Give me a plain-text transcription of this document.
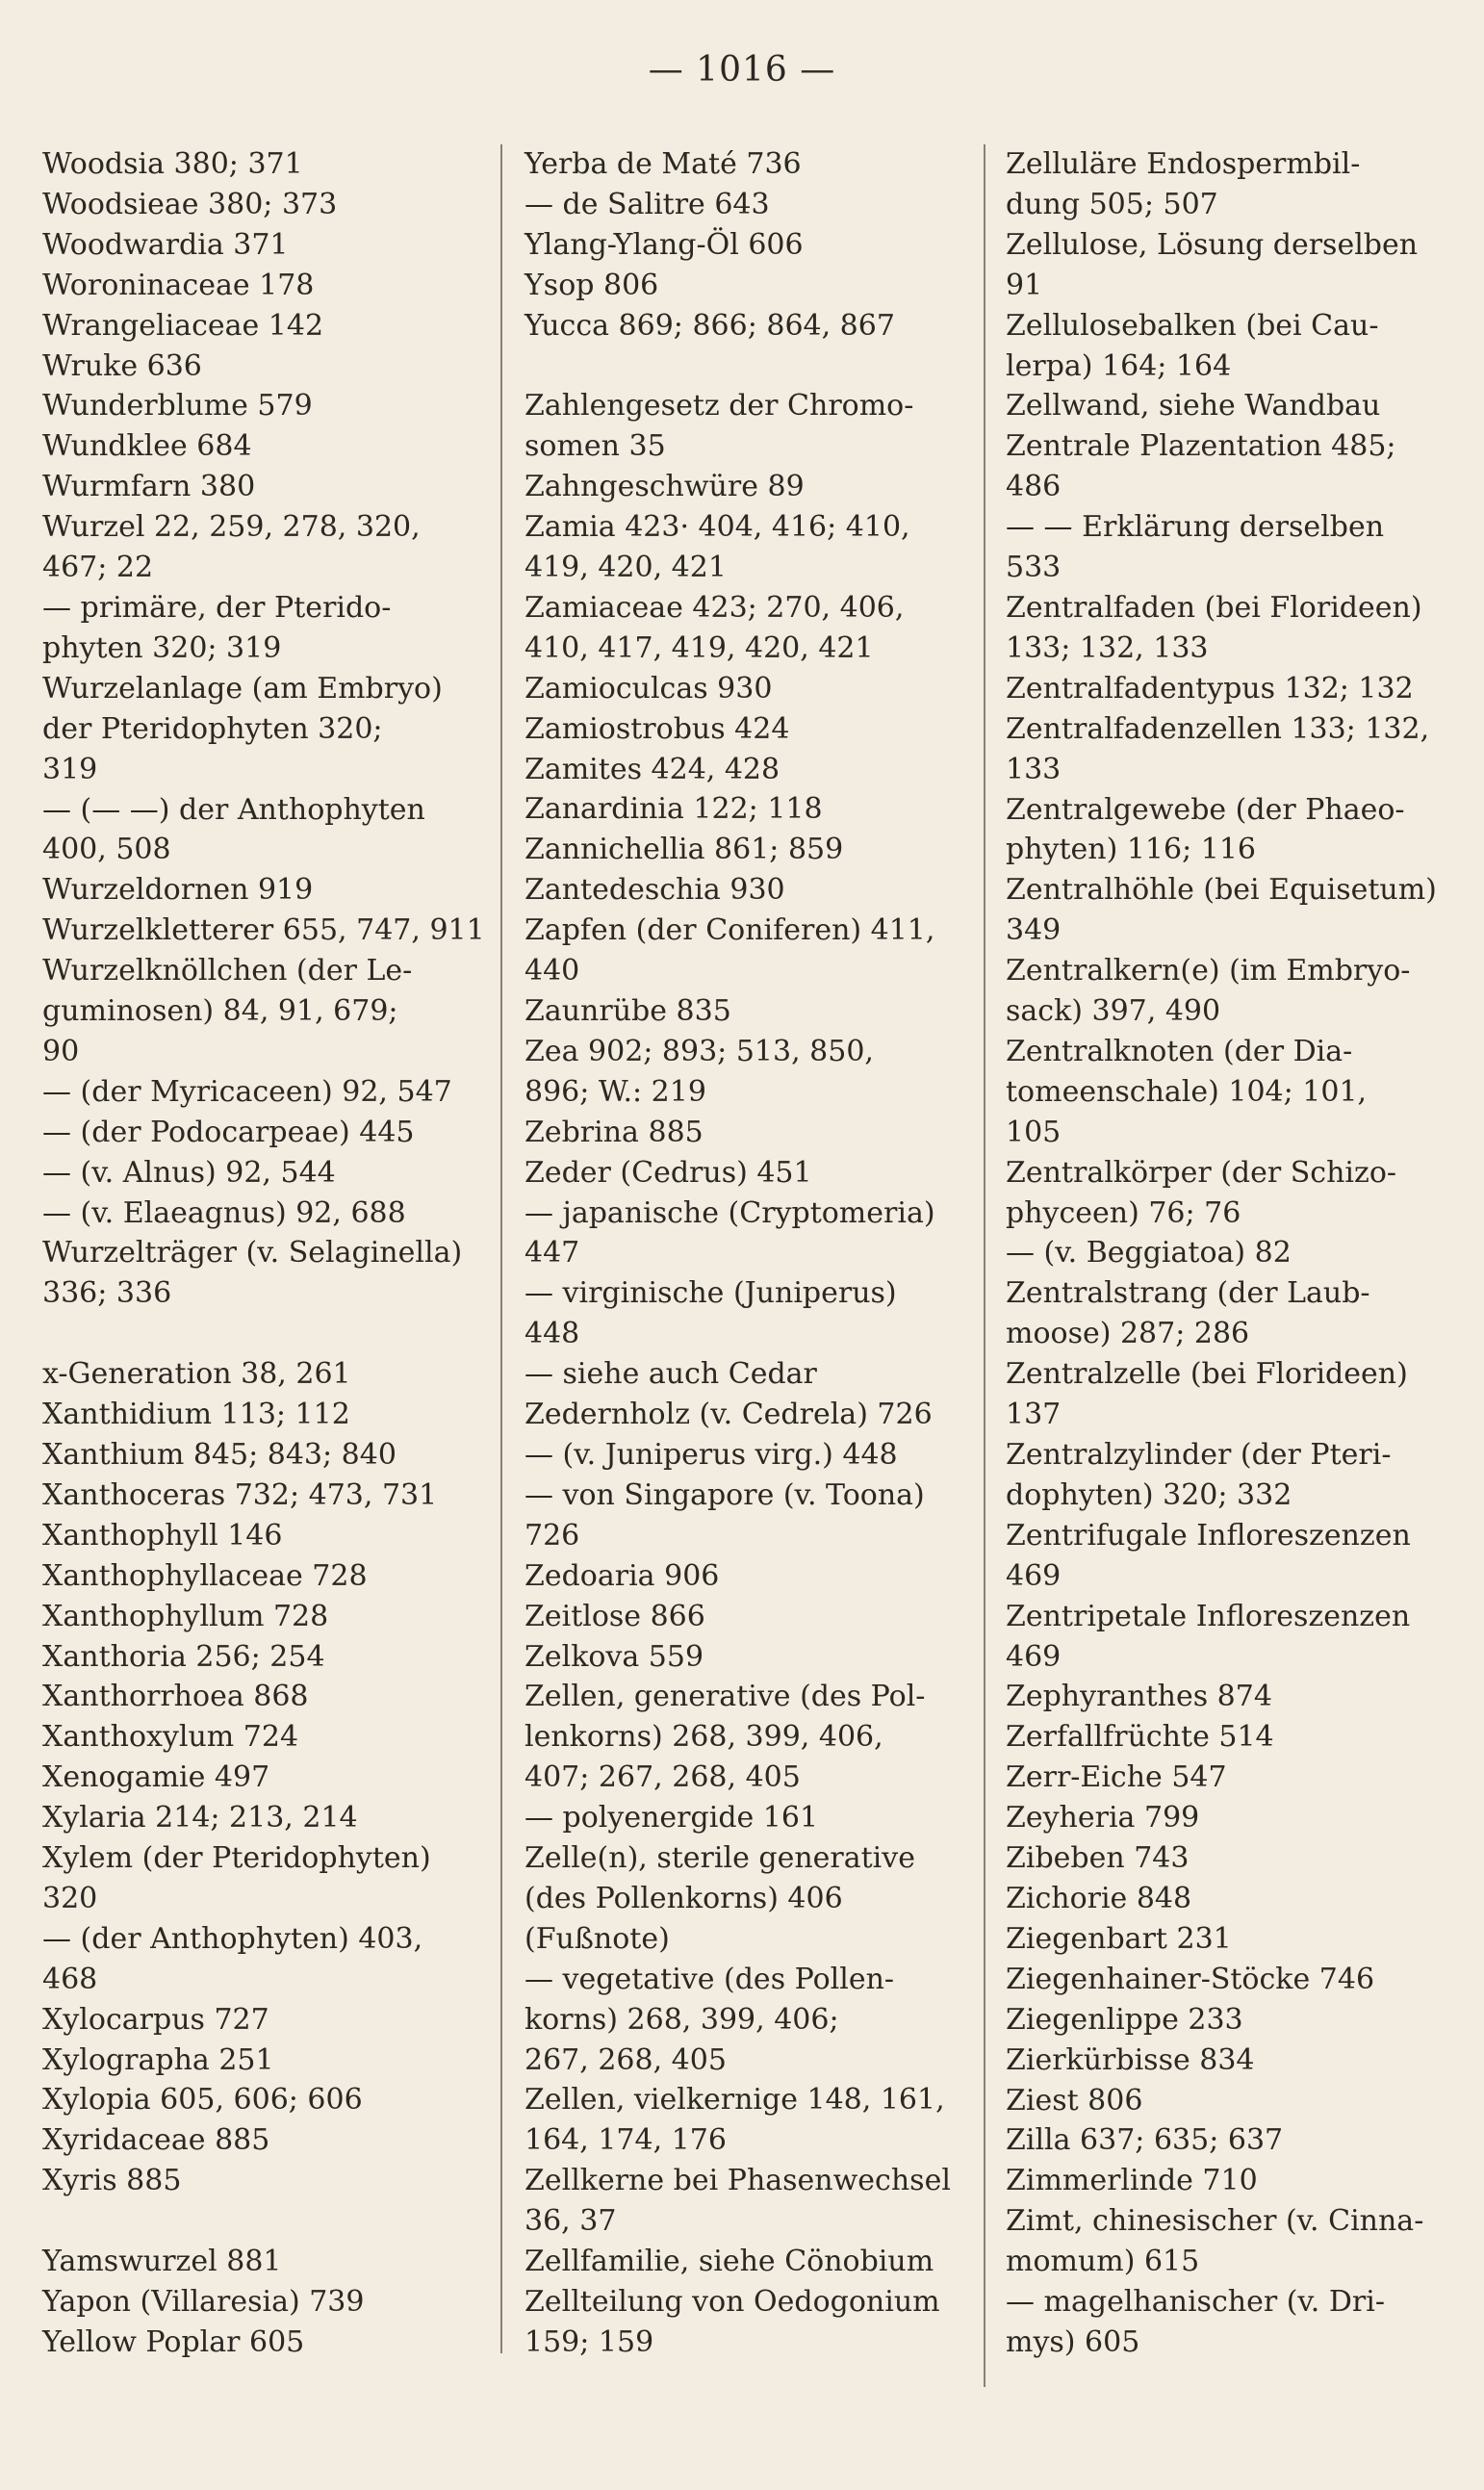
— 1016 —
Woodsia 380; 371
Woodsieae 380; 373
Woodwardia 371
Woroninaceae 178
Wrangeliaceae 142
Wruke 636
Wunderblume 579
Wundklee 684
Wurmfarn 380
Wurzel 22, 259, 278, 320,
467; 22
— primäre, der Pterido-
phyten 320; 319
Wurzelanlage (am Embryo)
der Pteridophyten 320;
319
— (— —) der Anthophyten
400, 508
Wurzeldornen 919
Wurzelkletterer 655, 747, 911
Wurzelknöllchen (der Le-
guminosen) 84, 91, 679;
90
— (der Myricaceen) 92, 547
— (der Podocarpeae) 445
— (v. Alnus) 92, 544
— (v. Elaeagnus) 92, 688
Wurzelträger (v. Selaginella)
336; 336
x-Generation 38, 261
Xanthidium 113; 112
Xanthium 845; 843; 840
Xanthoceras 732; 473, 731
Xanthophyll 146
Xanthophyllaceae 728
Xanthophyllum 728
Xanthoria 256; 254
Xanthorrhoea 868
Xanthoxylum 724
Xenogamie 497
Xylaria 214; 213, 214
Xylem (der Pteridophyten)
320
— (der Anthophyten) 403,
468
Xylocarpus 727
Xylographa 251
Xylopia 605, 606; 606
Xyridaceae 885
Xyris 885
Yamswurzel 881
Yapon (Villaresia) 739
Yellow Poplar 605
Yerba de Maté 736
— de Salitre 643
Ylang-Ylang-Öl 606
Ysop 806
Yucca 869; 866; 864, 867
Zahlengesetz der Chromo-
somen 35
Zahngeschwüre 89
Zamia 423· 404, 416; 410,
419, 420, 421
Zamiaceae 423; 270, 406,
410, 417, 419, 420, 421
Zamioculcas 930
Zamiostrobus 424
Zamites 424, 428
Zanardinia 122; 118
Zannichellia 861; 859
Zantedeschia 930
Zapfen (der Coniferen) 411,
440
Zaunrübe 835
Zea 902; 893; 513, 850,
896; W.: 219
Zebrina 885
Zeder (Cedrus) 451
— japanische (Cryptomeria)
447
— virginische (Juniperus)
448
— siehe auch Cedar
Zedernholz (v. Cedrela) 726
— (v. Juniperus virg.) 448
— von Singapore (v. Toona)
726
Zedoaria 906
Zeitlose 866
Zelkova 559
Zellen, generative (des Pol-
lenkorns) 268, 399, 406,
407; 267, 268, 405
— polyenergide 161
Zelle(n), sterile generative
(des Pollenkorns) 406
(Fußnote)
— vegetative (des Pollen-
korns) 268, 399, 406;
267, 268, 405
Zellen, vielkernige 148, 161,
164, 174, 176
Zellkerne bei Phasenwechsel
36, 37
Zellfamilie, siehe Cönobium
Zellteilung von Oedogonium
159; 159
Zelluläre Endospermbil-
dung 505; 507
Zellulose, Lösung derselben
91
Zellulosebalken (bei Cau-
lerpa) 164; 164
Zellwand, siehe Wandbau
Zentrale Plazentation 485;
486
— — Erklärung derselben
533
Zentralfaden (bei Florideen)
133; 132, 133
Zentralfadentypus 132; 132
Zentralfadenzellen 133; 132,
133
Zentralgewebe (der Phaeo-
phyten) 116; 116
Zentralhöhle (bei Equisetum)
349
Zentralkern(e) (im Embryo-
sack) 397, 490
Zentralknoten (der Dia-
tomeenschale) 104; 101,
105
Zentralkörper (der Schizo-
phyceen) 76; 76
— (v. Beggiatoa) 82
Zentralstrang (der Laub-
moose) 287; 286
Zentralzelle (bei Florideen)
137
Zentralzylinder (der Pteri-
dophyten) 320; 332
Zentrifugale Infloreszenzen
469
Zentripetale Infloreszenzen
469
Zephyranthes 874
Zerfallfrüchte 514
Zerr-Eiche 547
Zeyheria 799
Zibeben 743
Zichorie 848
Ziegenbart 231
Ziegenhainer-Stöcke 746
Ziegenlippe 233
Zierkürbisse 834
Ziest 806
Zilla 637; 635; 637
Zimmerlinde 710
Zimt, chinesischer (v. Cinna-
momum) 615
— magelhanischer (v. Dri-
mys) 605
